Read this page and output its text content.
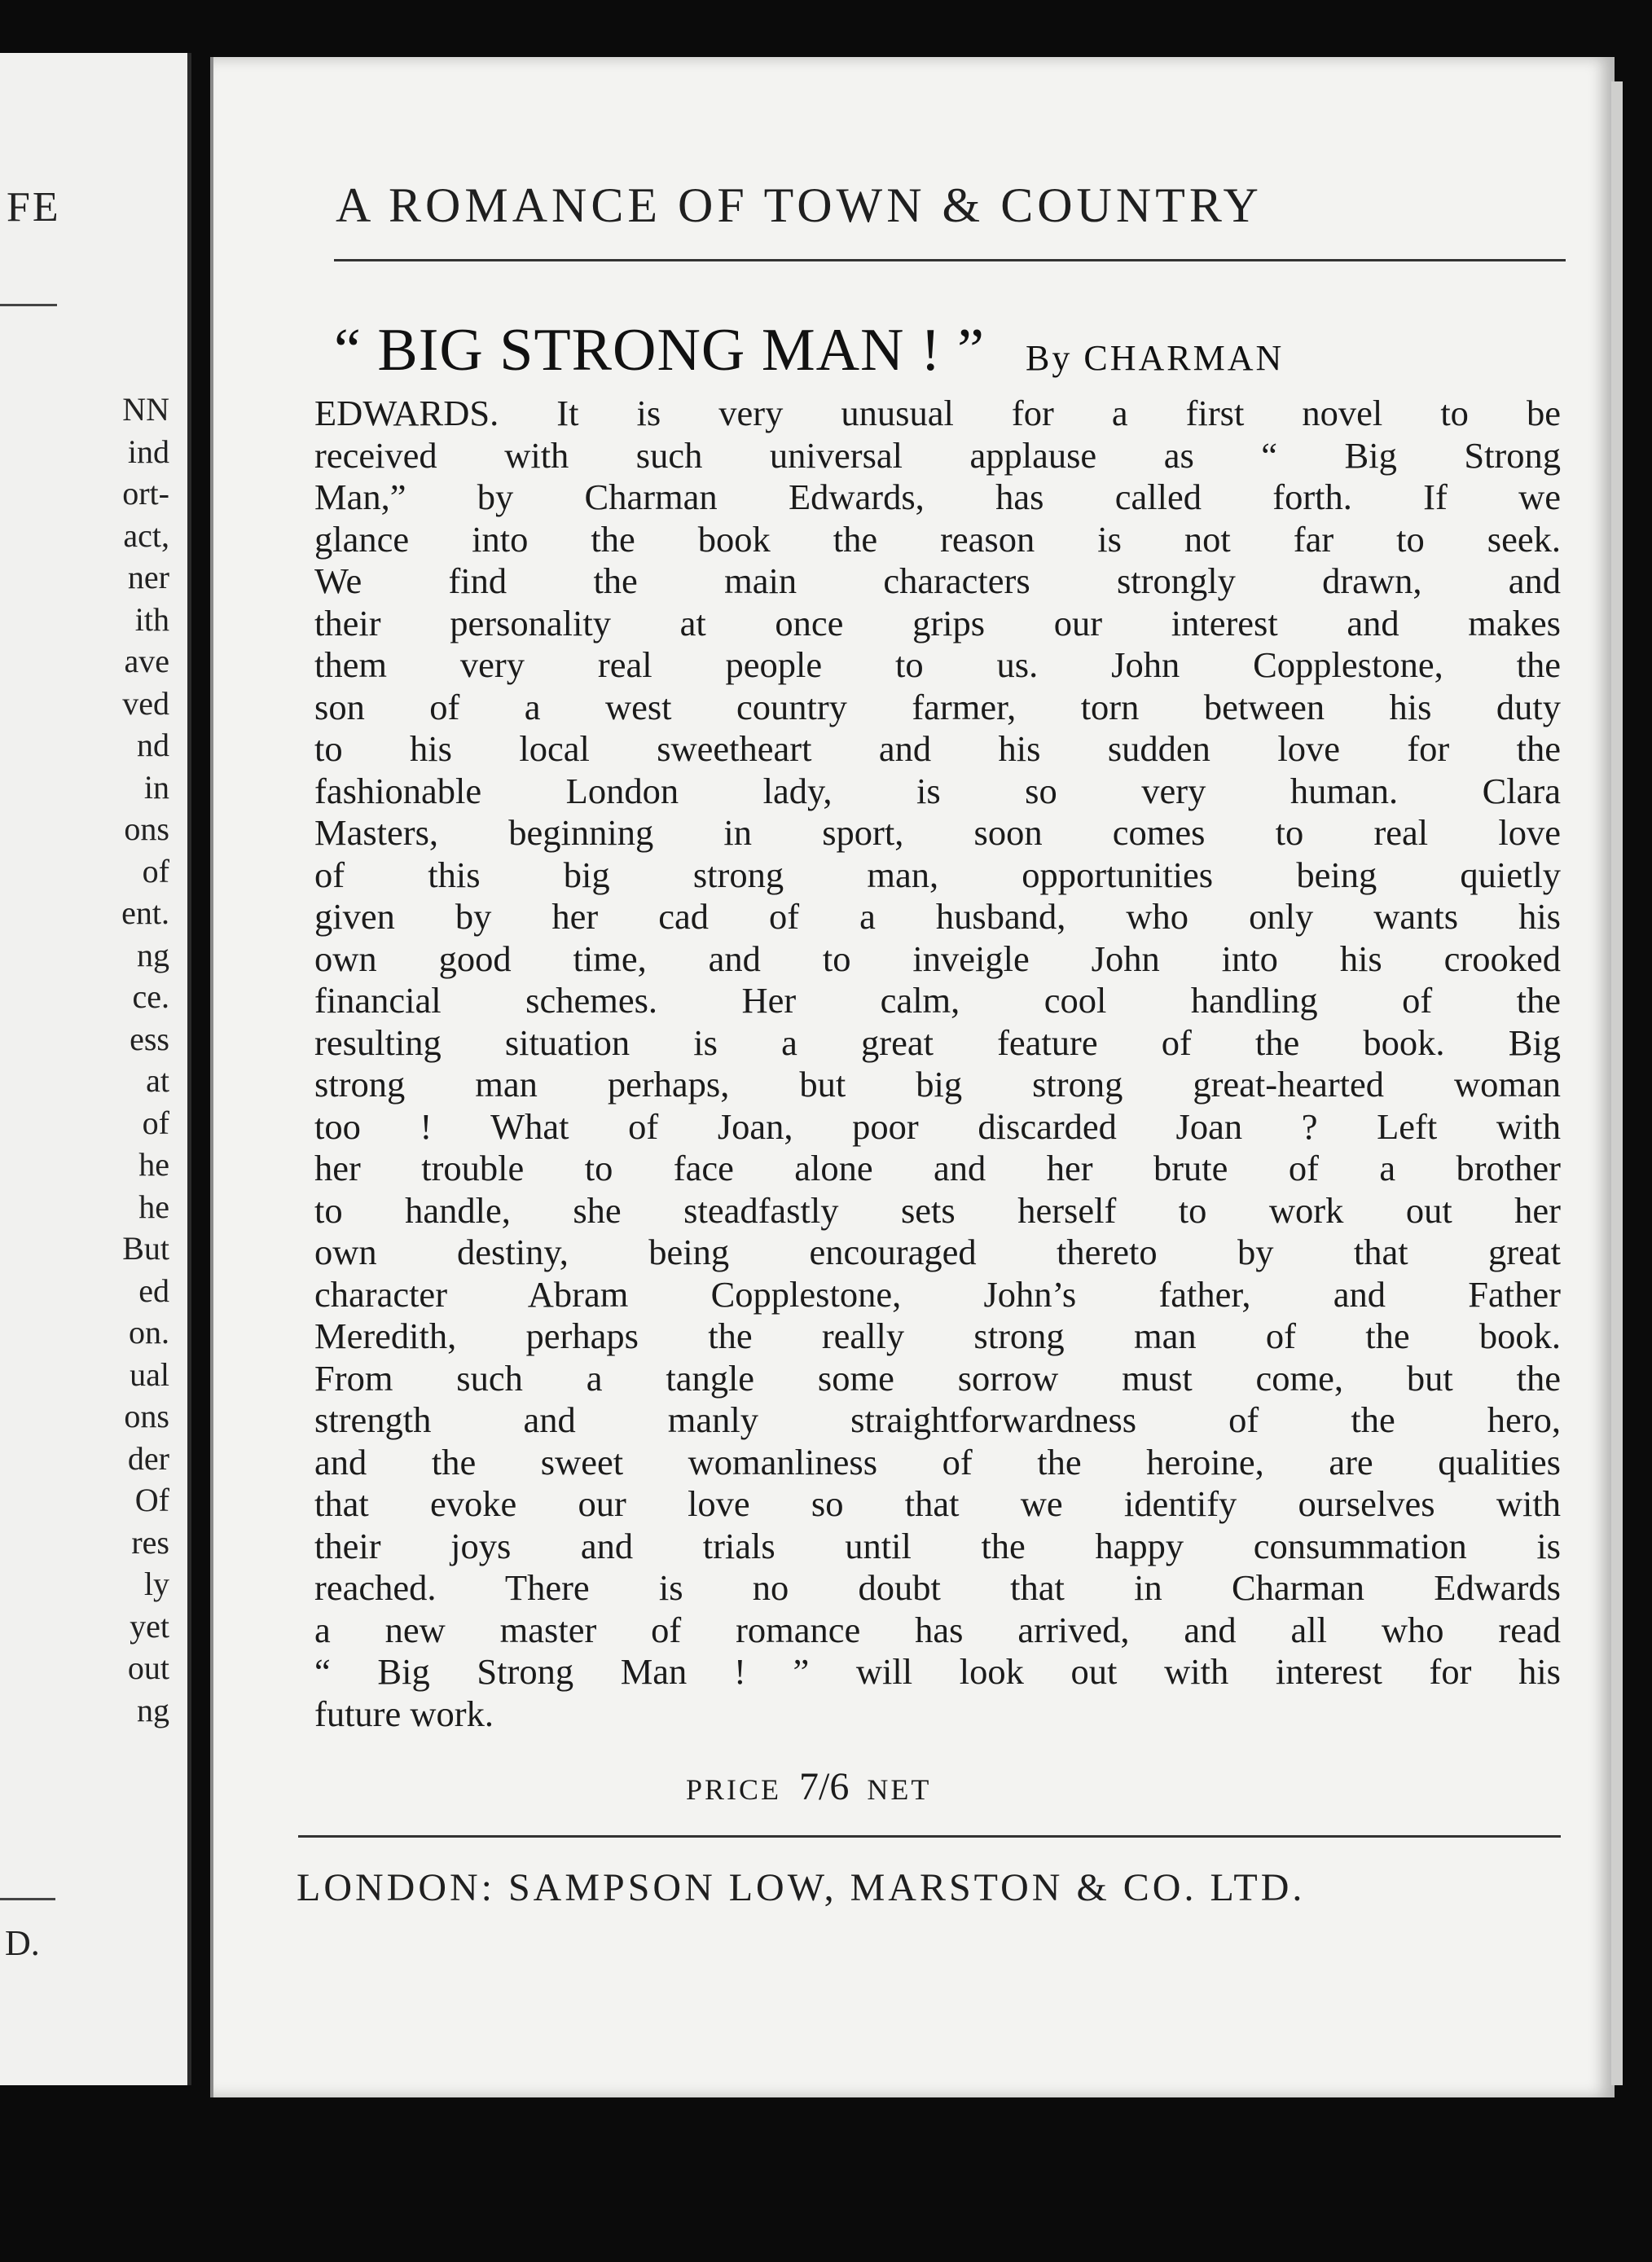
FE
NN
ind
ort-
act,
ner
ith
ave
ved
nd
in
ons
of
ent.
ng
ce.
ess
at
of
he
he
But
ed
on.
ual
ons
der
Of
res
ly
yet
out
ng
D.
A ROMANCE OF TOWN & COUNTRY
“ BIG STRONG MAN ! ” By CHARMAN
EDWARDS. It is very unusual for a first novel to be
received with such universal applause as “ Big Strong
Man,” by Charman Edwards, has called forth. If we
glance into the book the reason is not far to seek.
We find the main characters strongly drawn, and
their personality at once grips our interest and makes
them very real people to us. John Copplestone, the
son of a west country farmer, torn between his duty
to his local sweetheart and his sudden love for the
fashionable London lady, is so very human. Clara
Masters, beginning in sport, soon comes to real love
of this big strong man, opportunities being quietly
given by her cad of a husband, who only wants his
own good time, and to inveigle John into his crooked
financial schemes. Her calm, cool handling of the
resulting situation is a great feature of the book. Big
strong man perhaps, but big strong great-hearted woman
too ! What of Joan, poor discarded Joan ? Left with
her trouble to face alone and her brute of a brother
to handle, she steadfastly sets herself to work out her
own destiny, being encouraged thereto by that great
character Abram Copplestone, John’s father, and Father
Meredith, perhaps the really strong man of the book.
From such a tangle some sorrow must come, but the
strength and manly straightforwardness of the hero,
and the sweet womanliness of the heroine, are qualities
that evoke our love so that we identify ourselves with
their joys and trials until the happy consummation is
reached. There is no doubt that in Charman Edwards
a new master of romance has arrived, and all who read
“ Big Strong Man ! ” will look out with interest for his
future work.
PRICE 7/6 NET
LONDON: SAMPSON LOW, MARSTON & CO. LTD.
